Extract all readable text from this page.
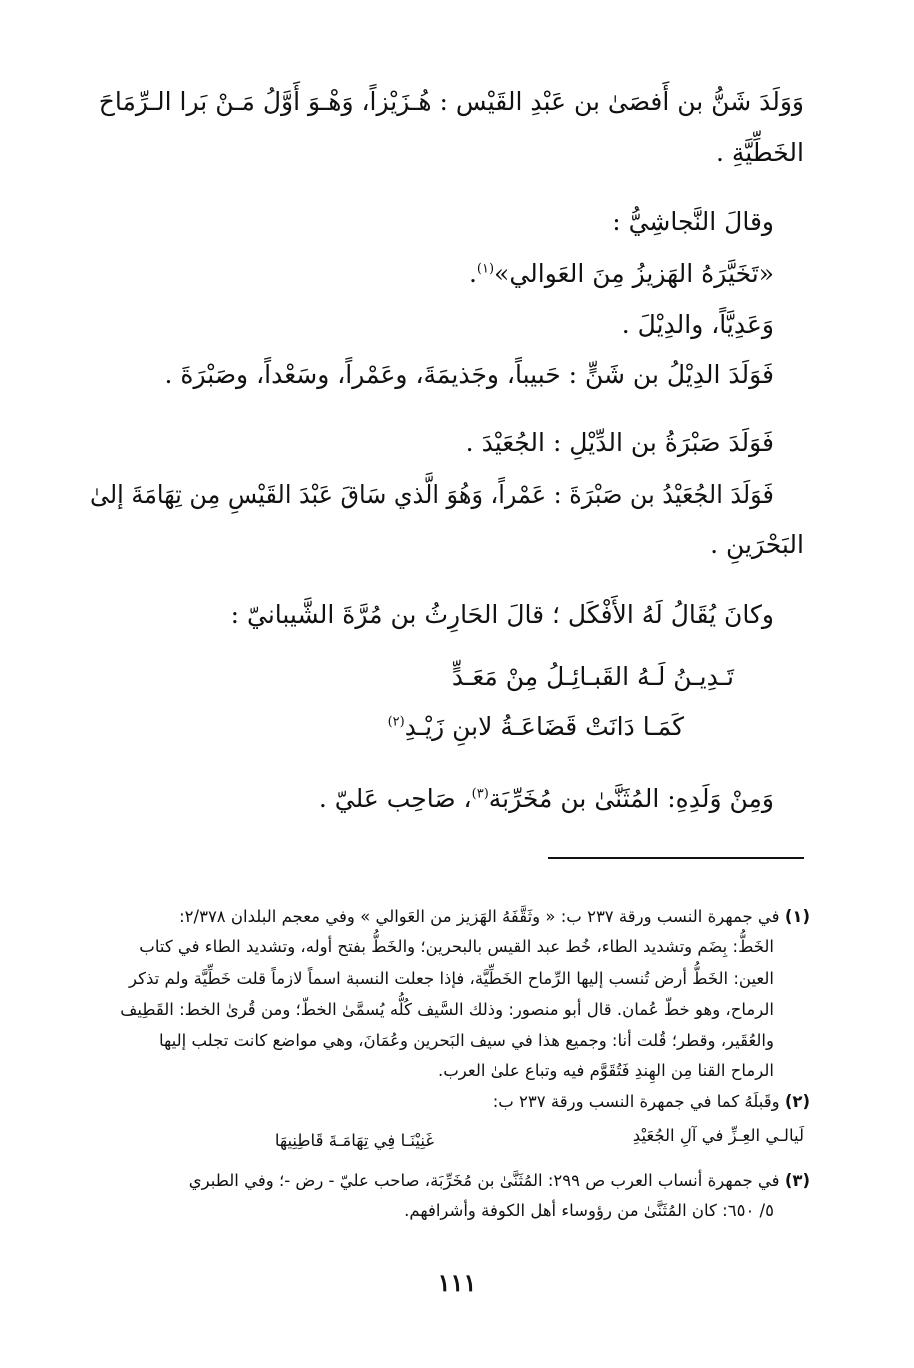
وَوَلَدَ شَنُّ بن أَفصَىٰ بن عَبْدِ القَيْس : هُـزَيْزاً، وَهْـوَ أَوَّلُ مَـنْ بَرا الـرِّمَاحَ
الخَطِّيَّةِ .
وقالَ النَّجاشِيُّ :
«تَخَيَّرَهُ الهَزيزُ مِنَ العَوالي»$^{(١)}$.
وَعَدِيَّاً، والدِيْلَ .
فَوَلَدَ الدِيْلُ بن شَنٍّ : حَبيباً، وجَذيمَةَ، وعَمْراً، وسَعْداً، وصَبْرَةَ .
فَوَلَدَ صَبْرَةُ بن الدِّيْلِ : الجُعَيْدَ .
فَوَلَدَ الجُعَيْدُ بن صَبْرَةَ : عَمْراً، وَهُوَ الَّذي سَاقَ عَبْدَ القَيْسِ مِن تِهَامَةَ إلىٰ
البَحْرَينِ .
وكانَ يُقَالُ لَهُ الأَفْكَل ؛ قالَ الحَارِثُ بن مُرَّةَ الشَّيبانيّ :
تَـدِيـنُ لَـهُ القَبـائِـلُ مِنْ مَعَـدٍّ
كَمَـا دَانَتْ قَضَاعَـةُ لابنِ زَيْـدِ$^{(٢)}$
وَمِنْ وَلَدِهِ: المُثَنَّىٰ بن مُخَرِّبَة$^{(٣)}$، صَاحِب عَليّ .
(١) في جمهرة النسب ورقة ٢٣٧ ب: « وثَقَّفَهُ الهَزيز من العَوالي » وفي معجم البلدان ٢/٣٧٨:
الخَطُّ: بِضَم وتشديد الطاء، خُط عبد القيس بالبحرين؛ والخَطُّ بفتح أوله، وتشديد الطاء في كتاب
العين: الخَطُّ أرض تُنسب إليها الرِّماح الخَطِّيَّة، فإذا جعلت النسبة اسماً لازماً قلت خَطِّيَّة ولم تذكر
الرماح، وهو خطّ عُمان. قال أبو منصور: وذلك السَّيف كُلُّه يُسمَّىٰ الخطّ؛ ومن قُرىٰ الخط: القَطِيف
والعُقَير، وقطر؛ قُلت أنا: وجميع هذا في سيف البَحرين وعُمَانَ، وهي مواضع كانت تجلب إليها
الرماح القنا مِن الهِندِ فَتُقَوَّم فيه وتباع علىٰ العرب.
(٢) وقَبلَهُ كما في جمهرة النسب ورقة ٢٣٧ ب:
لَيالـي العِـزِّ في آلِ الجُعَيْدِ
غَنِيْنَـا فِي تِهَامَـةَ قَاطِنِيهَا
(٣) في جمهرة أنساب العرب ص ٢٩٩: المُثَنَّىٰ بن مُخَرِّبَة، صاحب عليّ - رض -؛ وفي الطبري
٥/ ٦٥٠: كان المُثَنَّىٰ من رؤوساء أهل الكوفة وأشرافهم.
١١١
